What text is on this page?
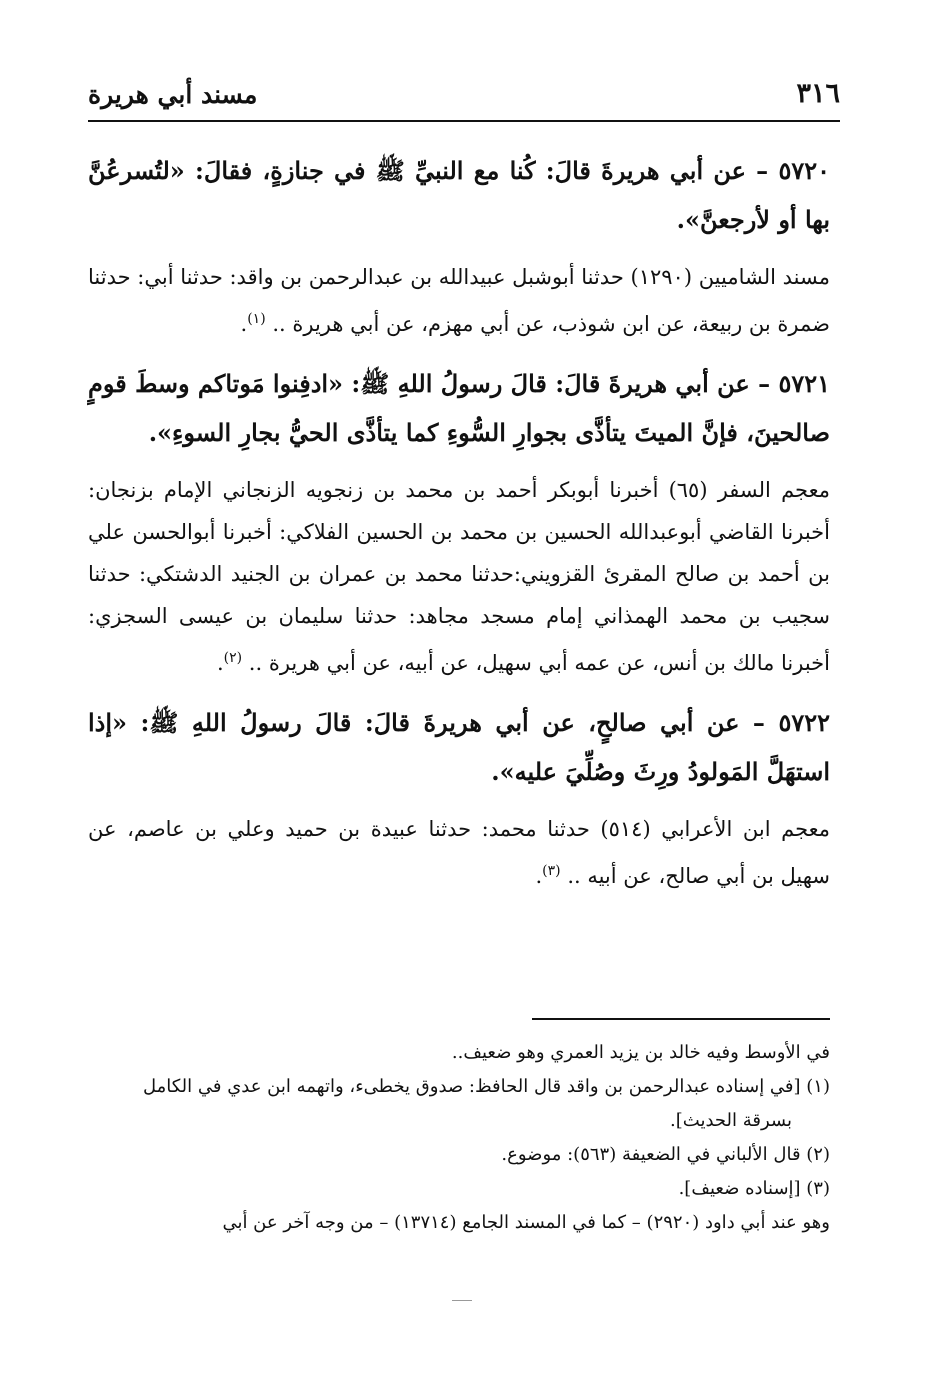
٣١٦
مسند أبي هريرة

٥٧٢٠ – عن أبي هريرةَ قالَ: كُنا مع النبيِّ ﷺ في جنازةٍ، فقالَ: «لتُسرعُنَّ بها أو لأرجعنَّ».

مسند الشاميين (١٢٩٠) حدثنا أبوشبل عبيدالله بن عبدالرحمن بن واقد: حدثنا أبي: حدثنا ضمرة بن ربيعة، عن ابن شوذب، عن أبي مهزم، عن أبي هريرة .. $^{(١)}$.

٥٧٢١ – عن أبي هريرةَ قالَ: قالَ رسولُ اللهِ ﷺ: «ادفِنوا مَوتاكم وسطَ قومٍ صالحينَ، فإنَّ الميتَ يتأذَّى بجوارِ السُّوءِ كما يتأذَّى الحيُّ بجارِ السوءِ».

معجم السفر (٦٥) أخبرنا أبوبكر أحمد بن محمد بن زنجويه الزنجاني الإمام بزنجان: أخبرنا القاضي أبوعبدالله الحسين بن محمد بن الحسين الفلاكي: أخبرنا أبوالحسن علي بن أحمد بن صالح المقرئ القزويني:حدثنا محمد بن عمران بن الجنيد الدشتكي: حدثنا سجيب بن محمد الهمذاني إمام مسجد مجاهد: حدثنا سليمان بن عيسى السجزي: أخبرنا مالك بن أنس، عن عمه أبي سهيل، عن أبيه، عن أبي هريرة .. $^{(٢)}$.

٥٧٢٢ – عن أبي صالحٍ، عن أبي هريرةَ قالَ: قالَ رسولُ اللهِ ﷺ: «إذا استهَلَّ المَولودُ ورِثَ وصُلِّيَ عليه».

معجم ابن الأعرابي (٥١٤) حدثنا محمد: حدثنا عبيدة بن حميد وعلي بن عاصم، عن سهيل بن أبي صالح، عن أبيه .. $^{(٣)}$.

في الأوسط وفيه خالد بن يزيد العمري وهو ضعيف..

(١) [في إسناده عبدالرحمن بن واقد قال الحافظ: صدوق يخطىء، واتهمه ابن عدي في الكامل

بسرقة الحديث].

(٢) قال الألباني في الضعيفة (٥٦٣): موضوع.

(٣) [إسناده ضعيف].

وهو عند أبي داود (٢٩٢٠) – كما في المسند الجامع (١٣٧١٤) – من وجه آخر عن أبي
